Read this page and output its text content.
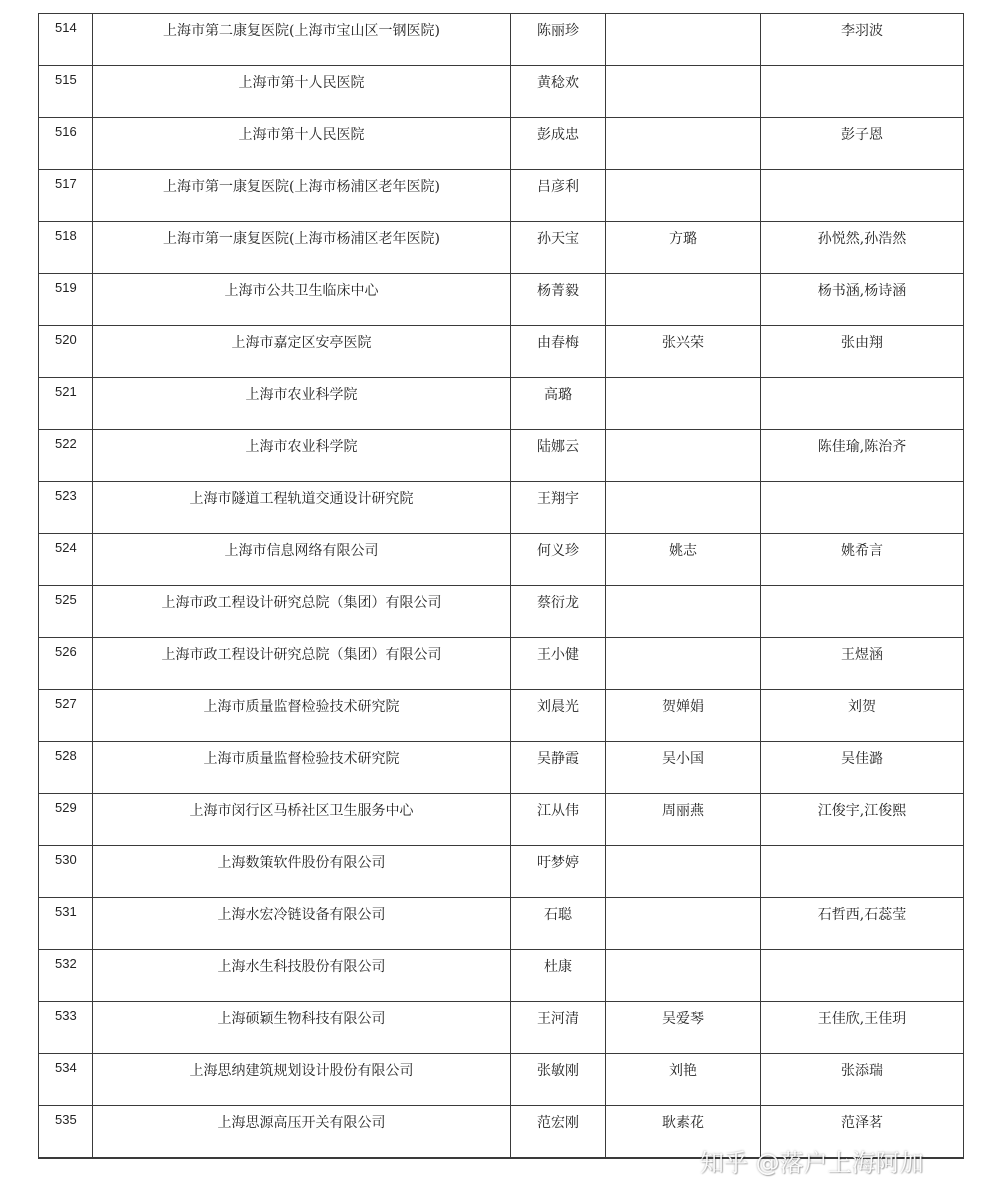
514	上海市第二康复医院(上海市宝山区一钢医院)	陈丽珍		李羽波
515	上海市第十人民医院	黄稔欢		
516	上海市第十人民医院	彭成忠		彭子恩
517	上海市第一康复医院(上海市杨浦区老年医院)	吕彦利		
518	上海市第一康复医院(上海市杨浦区老年医院)	孙天宝	方璐	孙悦然,孙浩然
519	上海市公共卫生临床中心	杨菁毅		杨书涵,杨诗涵
520	上海市嘉定区安亭医院	由春梅	张兴荣	张由翔
521	上海市农业科学院	高璐		
522	上海市农业科学院	陆娜云		陈佳瑜,陈治齐
523	上海市隧道工程轨道交通设计研究院	王翔宇		
524	上海市信息网络有限公司	何义珍	姚志	姚希言
525	上海市政工程设计研究总院（集团）有限公司	蔡衍龙		
526	上海市政工程设计研究总院（集团）有限公司	王小健		王煜涵
527	上海市质量监督检验技术研究院	刘晨光	贺婵娟	刘贺
528	上海市质量监督检验技术研究院	吴静霞	吴小国	吴佳潞
529	上海市闵行区马桥社区卫生服务中心	江从伟	周丽燕	江俊宇,江俊熙
530	上海数策软件股份有限公司	吁梦婷		
531	上海水宏冷链设备有限公司	石聪		石哲西,石蕊莹
532	上海水生科技股份有限公司	杜康		
533	上海硕颖生物科技有限公司	王河清	吴爱琴	王佳欣,王佳玥
534	上海思纳建筑规划设计股份有限公司	张敏刚	刘艳	张添瑞
535	上海思源高压开关有限公司	范宏刚	耿素花	范泽茗
知乎 @落户上海阿加
